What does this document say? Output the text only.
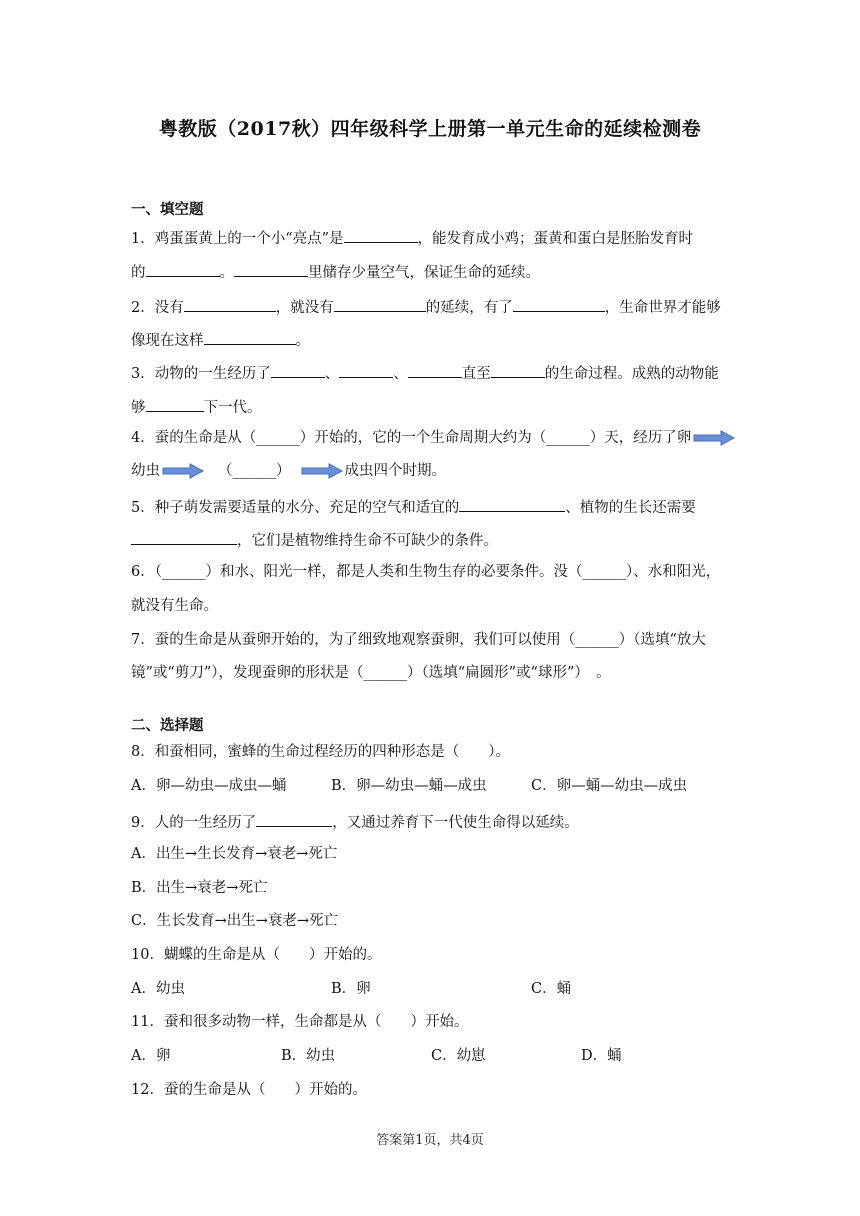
粤教版（2017秋）四年级科学上册第一单元生命的延续检测卷
一、填空题
1．鸡蛋蛋黄上的一个小“亮点”是	，能发育成小鸡；蛋黄和蛋白是胚胎发育时
的	。	里储存少量空气，保证生命的延续。
2．没有	，就没有	的延续，有了	，生命世界才能够
像现在这样	。
3．动物的一生经历了	、	、	直至	的生命过程。成熟的动物能
够	下一代。
4．蚕的生命是从（______）开始的，它的一个生命周期大约为（______）天，经历了卵
幼虫	（______）	成虫四个时期。
5．种子萌发需要适量的水分、充足的空气和适宜的	、植物的生长还需要
，它们是植物维持生命不可缺少的条件。
6．（______）和水、阳光一样，都是人类和生物生存的必要条件。没（______）、水和阳光，
就没有生命。
7．蚕的生命是从蚕卵开始的，为了细致地观察蚕卵，我们可以使用（______）（选填“放大
镜”或“剪刀”），发现蚕卵的形状是（______）（选填“扁圆形”或“球形”）　。
二、选择题
8．和蚕相同，蜜蜂的生命过程经历的四种形态是（　　）。
A．卵—幼虫—成虫—蛹	B．卵—幼虫—蛹—成虫	C．卵—蛹—幼虫—成虫
9．人的一生经历了	，又通过养育下一代使生命得以延续。
A．出生→生长发育→衰老→死亡
B．出生→衰老→死亡
C．生长发育→出生→衰老→死亡
10．蝴蝶的生命是从（　　）开始的。
A．幼虫	B．卵	C．蛹
11．蚕和很多动物一样，生命都是从（　　）开始。
A．卵	B．幼虫	C．幼崽	D．蛹
12．蚕的生命是从（　　）开始的。
答案第1页，共4页
